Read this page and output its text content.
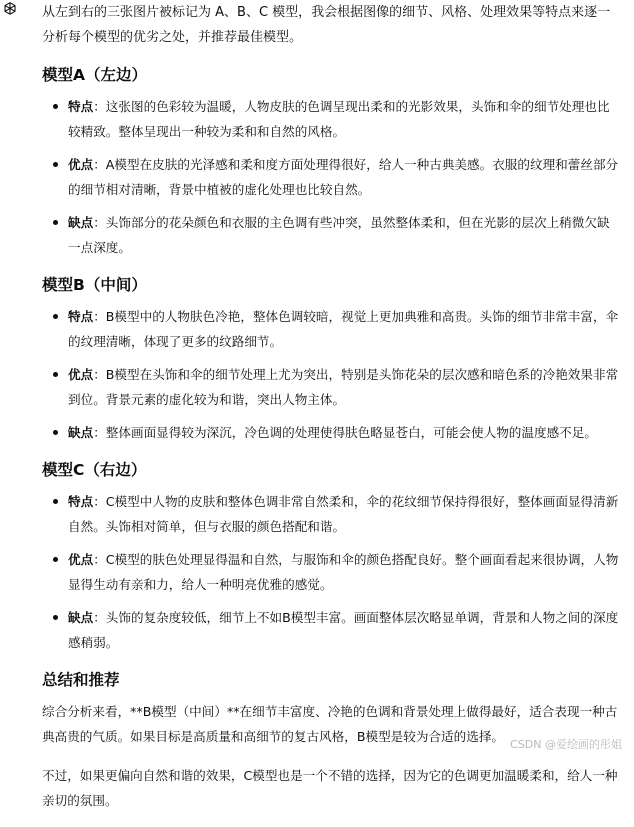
从左到右的三张图片被标记为 A、B、C 模型，我会根据图像的细节、风格、处理效果等特点来逐一分析每个模型的优劣之处，并推荐最佳模型。

模型A（左边）
特点：这张图的色彩较为温暖，人物皮肤的色调呈现出柔和的光影效果，头饰和伞的细节处理也比较精致。整体呈现出一种较为柔和和自然的风格。
优点：A模型在皮肤的光泽感和柔和度方面处理得很好，给人一种古典美感。衣服的纹理和蕾丝部分的细节相对清晰，背景中植被的虚化处理也比较自然。
缺点：头饰部分的花朵颜色和衣服的主色调有些冲突，虽然整体柔和，但在光影的层次上稍微欠缺一点深度。
模型B（中间）
特点：B模型中的人物肤色冷艳，整体色调较暗，视觉上更加典雅和高贵。头饰的细节非常丰富，伞的纹理清晰，体现了更多的纹路细节。
优点：B模型在头饰和伞的细节处理上尤为突出，特别是头饰花朵的层次感和暗色系的冷艳效果非常到位。背景元素的虚化较为和谐，突出人物主体。
缺点：整体画面显得较为深沉，冷色调的处理使得肤色略显苍白，可能会使人物的温度感不足。
模型C（右边）
特点：C模型中人物的皮肤和整体色调非常自然柔和，伞的花纹细节保持得很好，整体画面显得清新自然。头饰相对简单，但与衣服的颜色搭配和谐。
优点：C模型的肤色处理显得温和自然，与服饰和伞的颜色搭配良好。整个画面看起来很协调，人物显得生动有亲和力，给人一种明亮优雅的感觉。
缺点：头饰的复杂度较低，细节上不如B模型丰富。画面整体层次略显单调，背景和人物之间的深度感稍弱。
总结和推荐

综合分析来看，**B模型（中间）**在细节丰富度、冷艳的色调和背景处理上做得最好，适合表现一种古典高贵的气质。如果目标是高质量和高细节的复古风格，B模型是较为合适的选择。

不过，如果更偏向自然和谐的效果，C模型也是一个不错的选择，因为它的色调更加温暖柔和，给人一种亲切的氛围。

CSDN @爱绘画的彤姐
